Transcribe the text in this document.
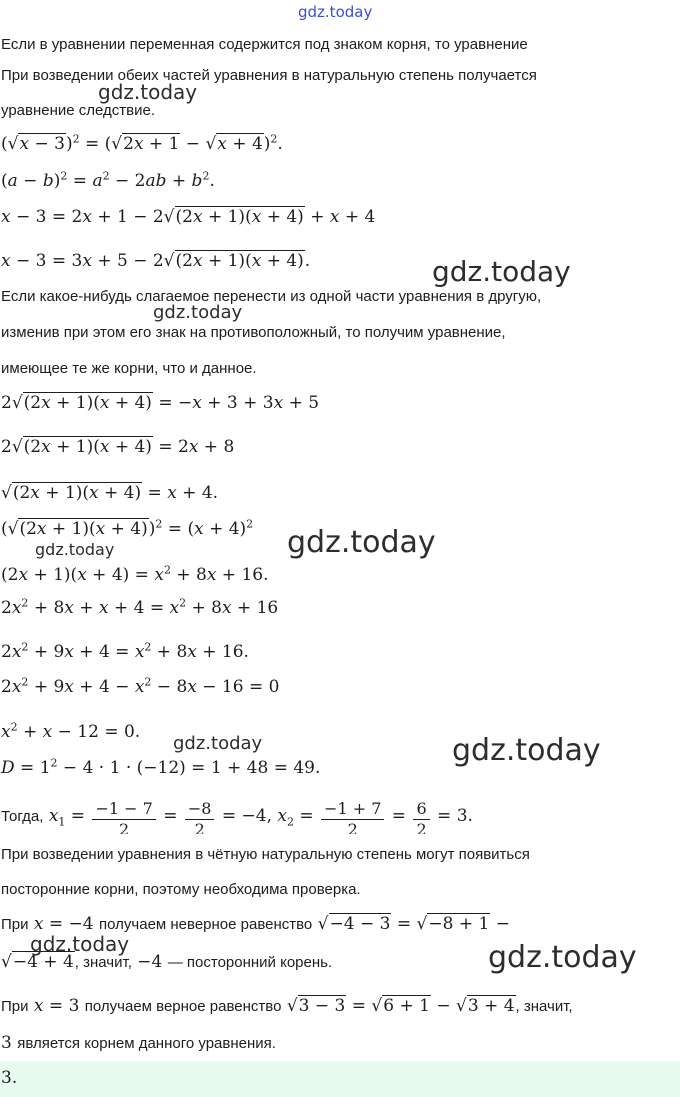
gdz.today
Если в уравнении переменная содержится под знаком корня, то уравнение
При возведении обеих частей уравнения в натуральную степень получается
уравнение следствие.
$(√x - 3)^2 = (√2x + 1 - √x + 4)^2$.
$(a - b)^2 = a^2 - 2ab + b^2$.
x − 3 = 2x + 1 − 2√(2x + 1)(x + 4) + x + 4
x − 3 = 3x + 5 − 2√(2x + 1)(x + 4).
Если какое-нибудь слагаемое перенести из одной части уравнения в другую,
изменив при этом его знак на противоположный, то получим уравнение,
имеющее те же корни, что и данное.
2√(2x + 1)(x + 4) = −x + 3 + 3x + 5
2√(2x + 1)(x + 4) = 2x + 8
√(2x + 1)(x + 4) = x + 4.
$(√(2x + 1)(x + 4))^2 = (x + 4)^2$
$(2x + 1)(x + 4) = x^2 + 8x + 16$.
$2x^2 + 8x + x + 4 = x^2 + 8x + 16$
$2x^2 + 9x + 4 = x^2 + 8x + 16$.
$2x^2 + 9x + 4 - x^2 - 8x - 16 = 0$
$x^2 + x - 12 = 0$.
$D = 1^2 - 4 \cdot 1 \cdot (-12) = 1 + 48 = 49$.
Тогда, $x_1 = \frac{-1 - 7}{2} = \frac{-8}{2} = -4$, $x_2 = \frac{-1 + 7}{2} = \frac{6}{2} = 3$.
При возведении уравнения в чётную натуральную степень могут появиться
посторонние корни, поэтому необходима проверка.
При x = −4 получаем неверное равенство √−4 − 3 = √−8 + 1 −
√−4 + 4, значит, −4 — посторонний корень.
При x = 3 получаем верное равенство √3 − 3 = √6 + 1 − √3 + 4, значит,
3 является корнем данного уравнения.
3.
gdz.today
gdz.today
gdz.today
gdz.today
gdz.today
gdz.today	gdz.today
gdz.today	gdz.today
